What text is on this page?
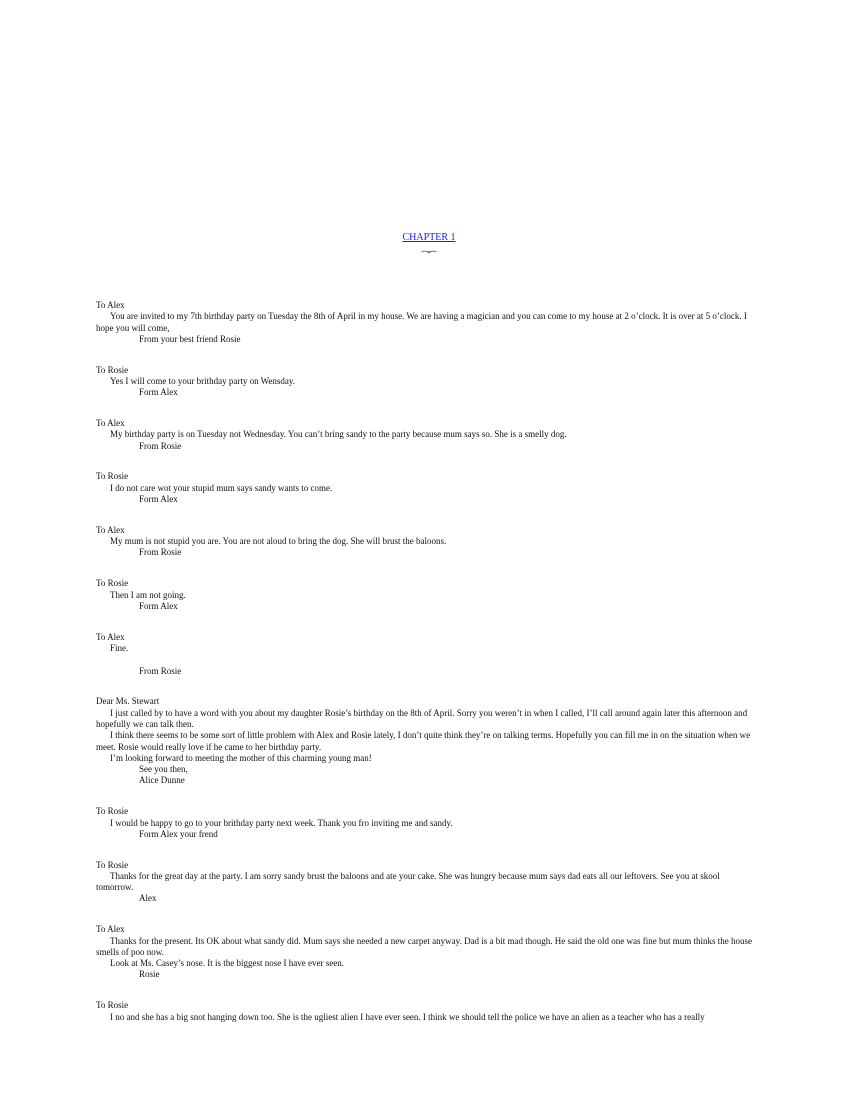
CHAPTER 1

To Alex

You are invited to my 7th birthday party on Tuesday the 8th of April in my house. We are having a magician and you can come to my house at 2 o’clock. It is over at 5 o’clock. I hope you will come,

From your best friend Rosie

To Rosie

Yes I will come to your brithday party on Wensday.

Form Alex

To Alex

My birthday party is on Tuesday not Wednesday. You can’t bring sandy to the party because mum says so. She is a smelly dog.

From Rosie

To Rosie

I do not care wot your stupid mum says sandy wants to come.

Form Alex

To Alex

My mum is not stupid you are. You are not aloud to bring the dog. She will brust the baloons.

From Rosie

To Rosie

Then I am not going.

Form Alex

To Alex

Fine.

From Rosie

Dear Ms. Stewart

I just called by to have a word with you about my daughter Rosie’s birthday on the 8th of April. Sorry you weren’t in when I called, I’ll call around again later this afternoon and hopefully we can talk then.

I think there seems to be some sort of little problem with Alex and Rosie lately, I don’t quite think they’re on talking terms. Hopefully you can fill me in on the situation when we meet. Rosie would really love if he came to her birthday party.

I’m looking forward to meeting the mother of this charming young man!

See you then,

Alice Dunne

To Rosie

I would be happy to go to your brithday party next week. Thank you fro inviting me and sandy.

Form Alex your frend

To Rosie

Thanks for the great day at the party. I am sorry sandy brust the baloons and ate your cake. She was hungry because mum says dad eats all our leftovers. See you at skool tomorrow.

Alex

To Alex

Thanks for the present. Its OK about what sandy did. Mum says she needed a new carpet anyway. Dad is a bit mad though. He said the old one was fine but mum thinks the house smells of poo now.

Look at Ms. Casey’s nose. It is the biggest nose I have ever seen.

Rosie

To Rosie

I no and she has a big snot hanging down too. She is the ugliest alien I have ever seen. I think we should tell the police we have an alien as a teacher who has a really
